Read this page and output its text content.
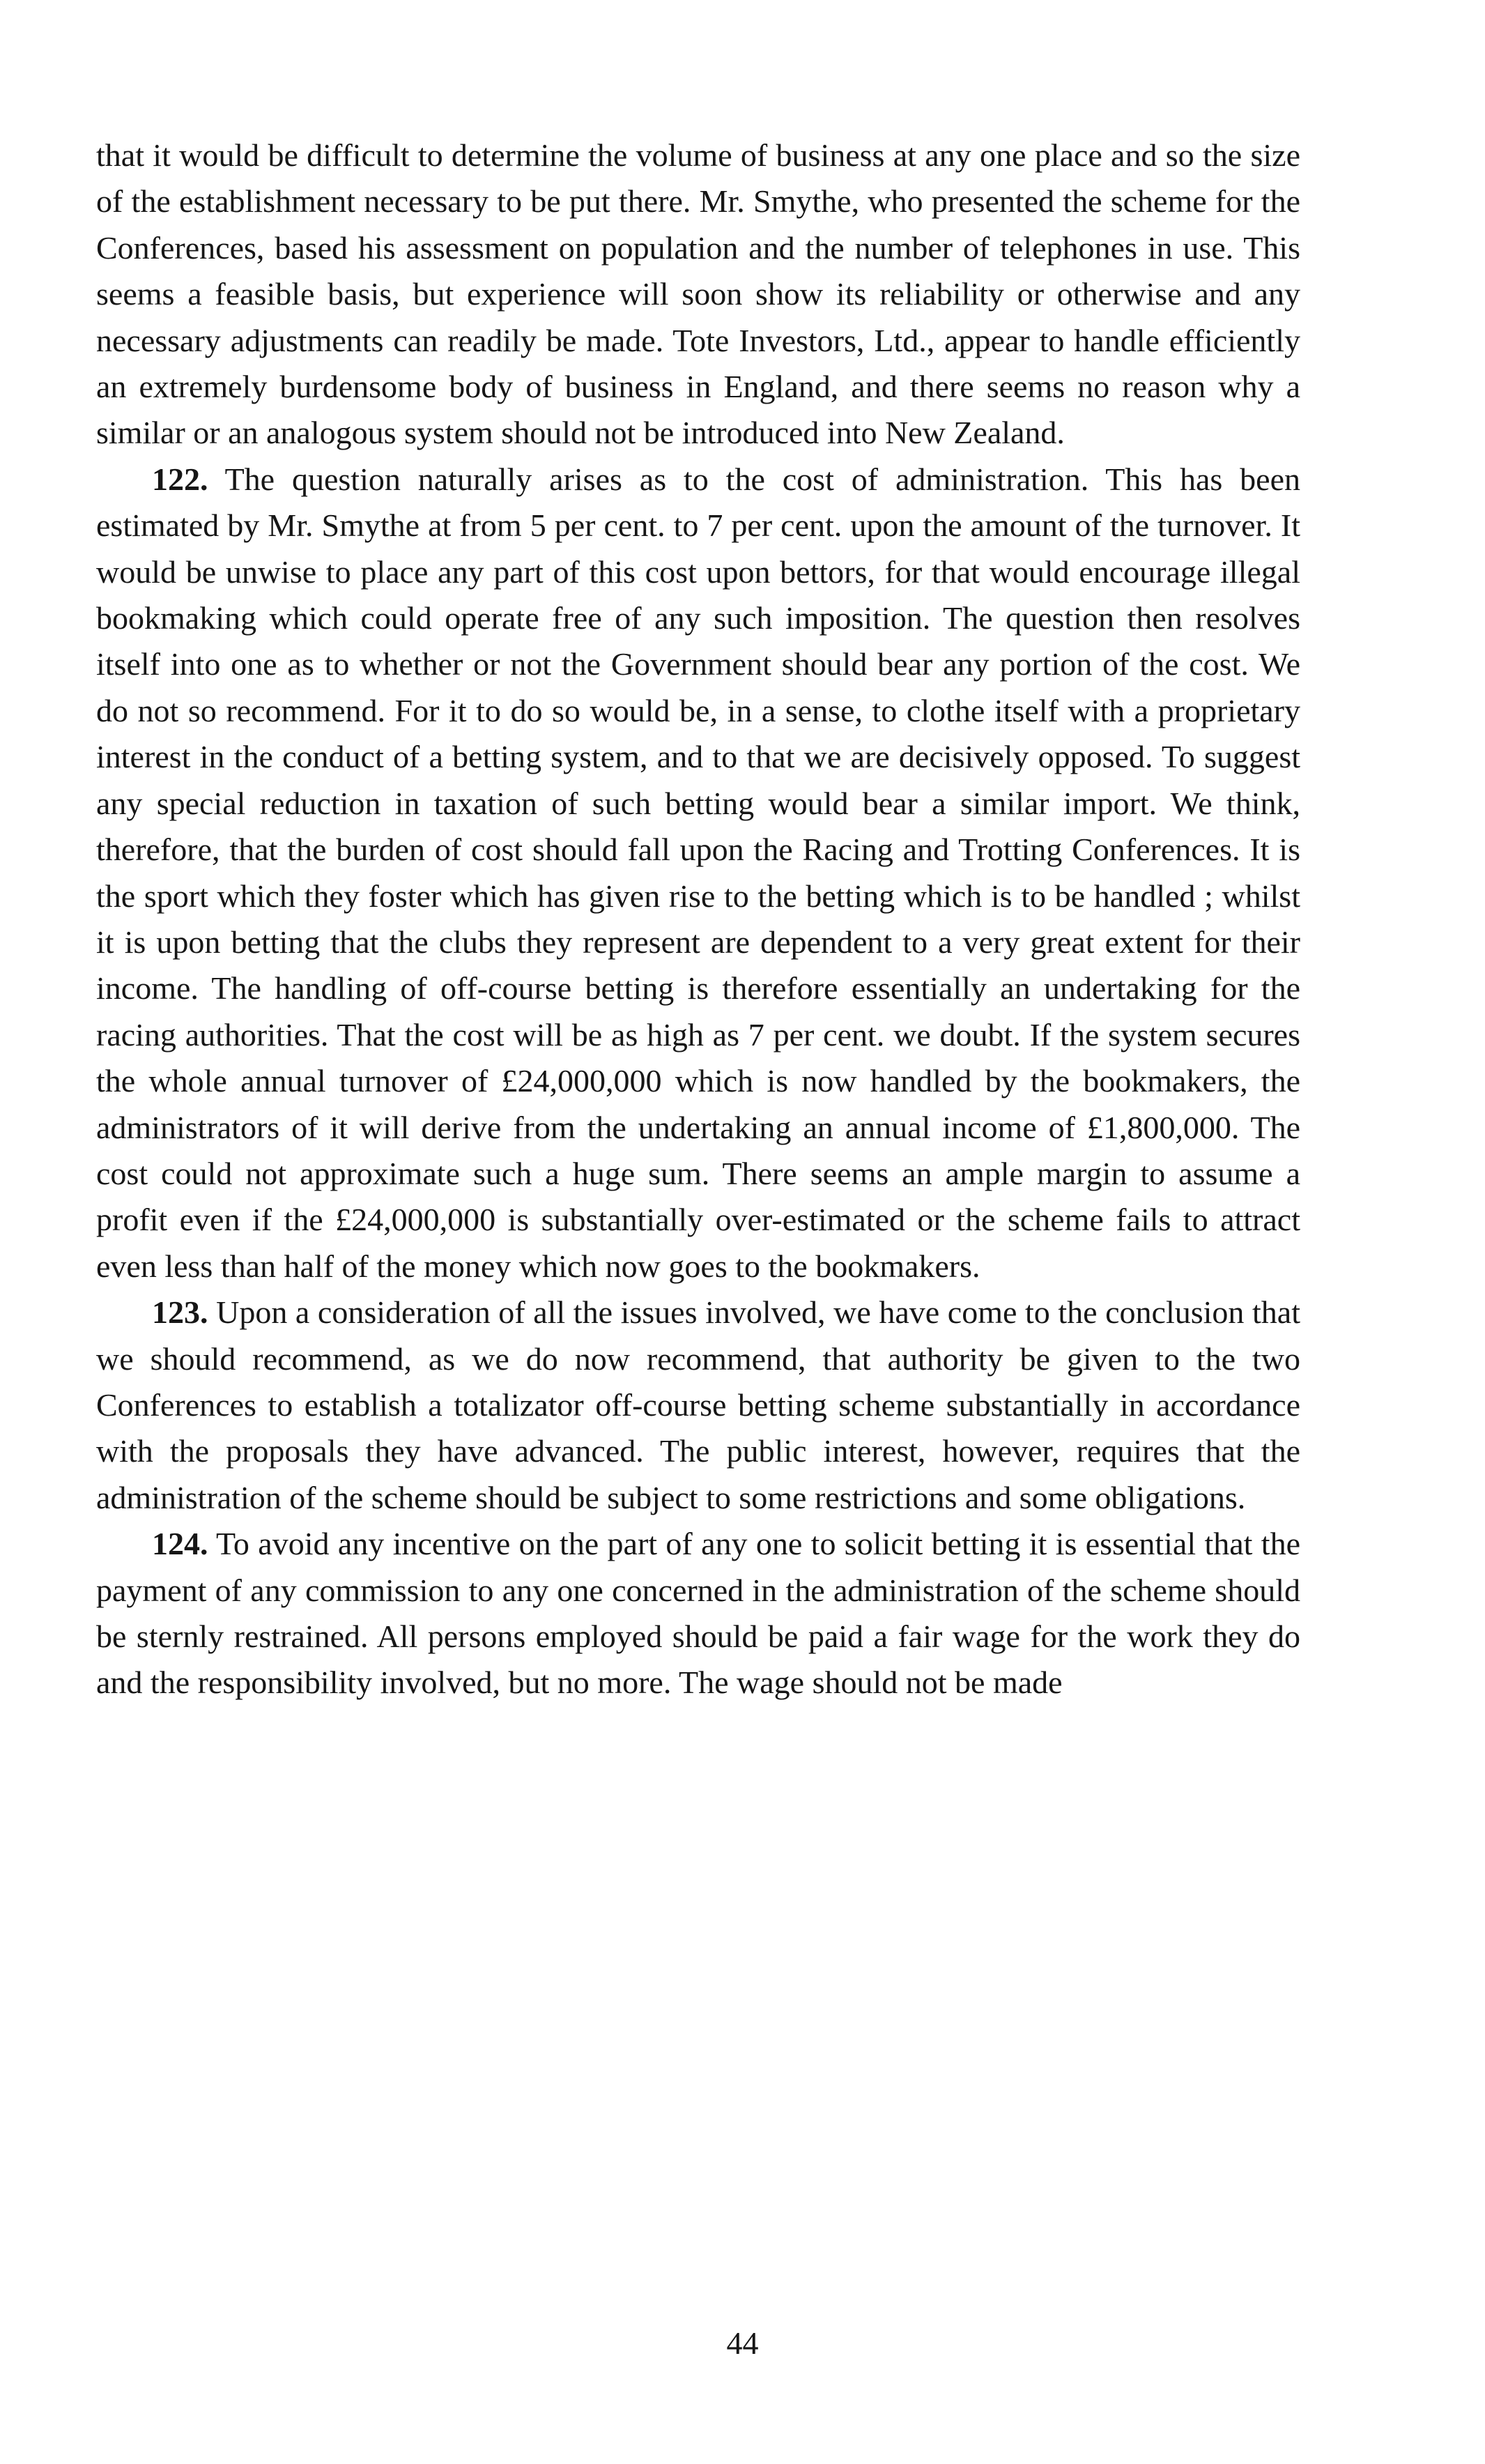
that it would be difficult to determine the volume of business at any one place and so the size of the establishment necessary to be put there. Mr. Smythe, who presented the scheme for the Conferences, based his assessment on population and the number of telephones in use. This seems a feasible basis, but experience will soon show its reliability or otherwise and any necessary adjustments can readily be made. Tote Investors, Ltd., appear to handle efficiently an extremely burdensome body of business in England, and there seems no reason why a similar or an analogous system should not be introduced into New Zealand.

122. The question naturally arises as to the cost of administration. This has been estimated by Mr. Smythe at from 5 per cent. to 7 per cent. upon the amount of the turnover. It would be unwise to place any part of this cost upon bettors, for that would encourage illegal bookmaking which could operate free of any such imposition. The question then resolves itself into one as to whether or not the Government should bear any portion of the cost. We do not so recommend. For it to do so would be, in a sense, to clothe itself with a proprietary interest in the conduct of a betting system, and to that we are decisively opposed. To suggest any special reduction in taxation of such betting would bear a similar import. We think, therefore, that the burden of cost should fall upon the Racing and Trotting Conferences. It is the sport which they foster which has given rise to the betting which is to be handled ; whilst it is upon betting that the clubs they represent are dependent to a very great extent for their income. The handling of off-course betting is therefore essentially an undertaking for the racing authorities. That the cost will be as high as 7 per cent. we doubt. If the system secures the whole annual turnover of £24,000,000 which is now handled by the bookmakers, the administrators of it will derive from the undertaking an annual income of £1,800,000. The cost could not approximate such a huge sum. There seems an ample margin to assume a profit even if the £24,000,000 is substantially over-estimated or the scheme fails to attract even less than half of the money which now goes to the bookmakers.

123. Upon a consideration of all the issues involved, we have come to the conclusion that we should recommend, as we do now recommend, that authority be given to the two Conferences to establish a totalizator off-course betting scheme substantially in accordance with the proposals they have advanced. The public interest, however, requires that the administration of the scheme should be subject to some restrictions and some obligations.

124. To avoid any incentive on the part of any one to solicit betting it is essential that the payment of any commission to any one concerned in the administration of the scheme should be sternly restrained. All persons employed should be paid a fair wage for the work they do and the responsibility involved, but no more. The wage should not be made

44
